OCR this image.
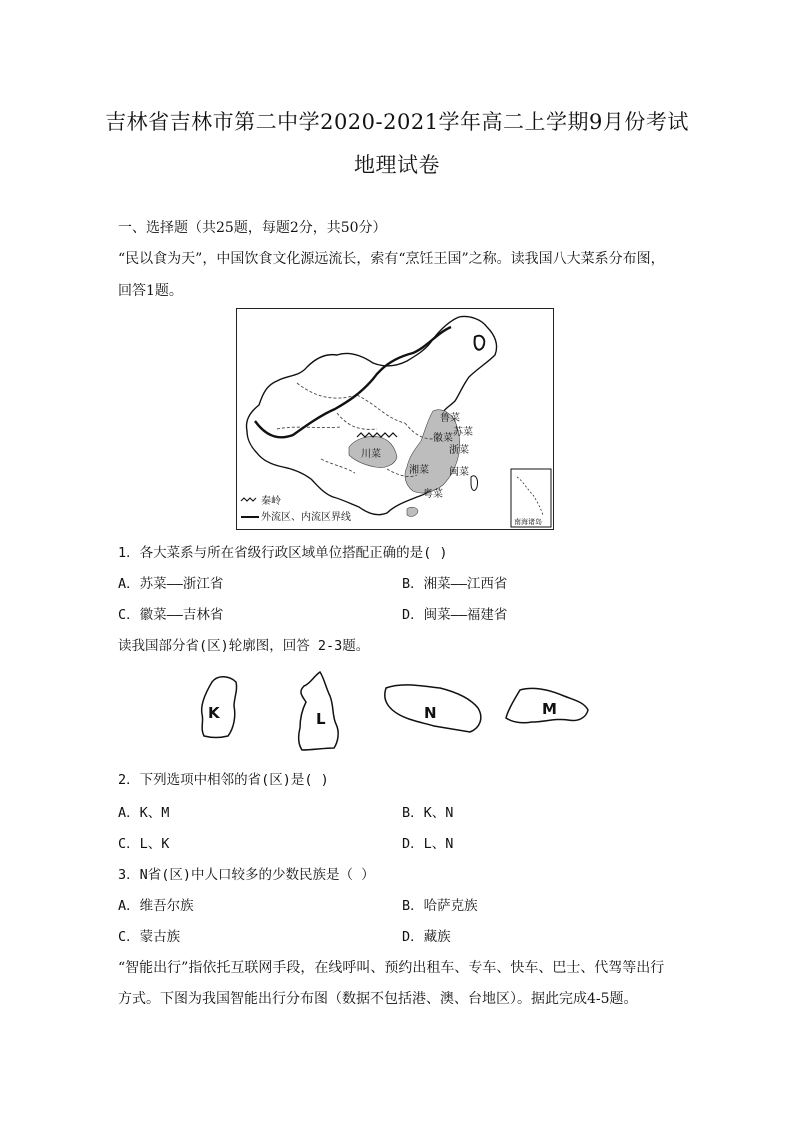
吉林省吉林市第二中学2020-2021学年高二上学期9月份考试
地理试卷
一、选择题（共25题，每题2分，共50分）
“民以食为天”，中国饮食文化源远流长，索有“烹饪王国”之称。读我国八大菜系分布图，
回答1题。
鲁菜
苏菜
徽菜
浙菜
川菜
湘菜 闽菜
粤菜
秦岭
外流区、内流区界线	南海诸岛
1．各大菜系与所在省级行政区域单位搭配正确的是( )
A．苏菜——浙江省	B．湘菜——江西省
C．徽菜——吉林省	D．闽菜——福建省
读我国部分省(区)轮廓图，回答 2-3题。
K	L	N	M
2．下列选项中相邻的省(区)是( )
A．K、M	B．K、N
C．L、K	D．L、N
3．N省(区)中人口较多的少数民族是（ ）
A．维吾尔族	B．哈萨克族
C．蒙古族	D．藏族
“智能出行”指依托互联网手段，在线呼叫、预约出租车、专车、快车、巴士、代驾等出行
方式。下图为我国智能出行分布图（数据不包括港、澳、台地区）。据此完成4-5题。
